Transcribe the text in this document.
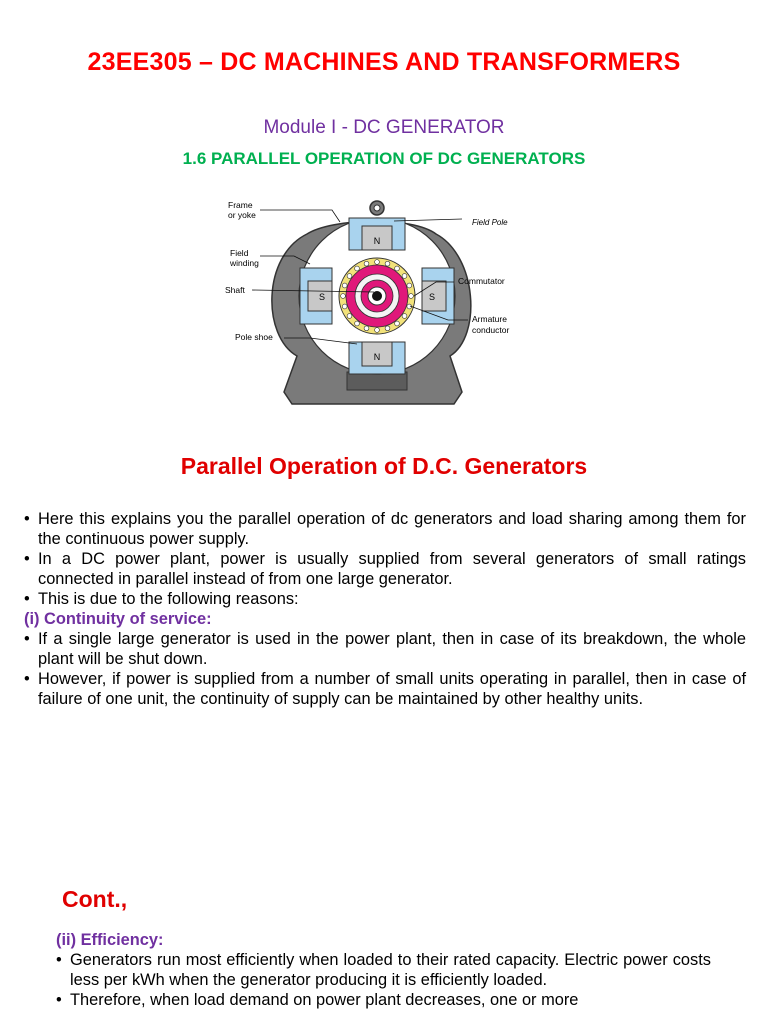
23EE305 – DC MACHINES AND TRANSFORMERS
Module I - DC GENERATOR
1.6 PARALLEL OPERATION OF DC GENERATORS
N
N
S	S
Frame
or yoke
Field
winding
Shaft
Pole shoe
Field Pole
Commutator
Armature
conductor
Parallel Operation of D.C. Generators
• Here this explains you the parallel operation of dc generators and load sharing among them for the continuous power supply.
• In a DC power plant, power is usually supplied from several generators of small ratings connected in parallel instead of from one large generator.
• This is due to the following reasons:
(i) Continuity of service:
• If a single large generator is used in the power plant, then in case of its breakdown, the whole plant will be shut down.
• However, if power is supplied from a number of small units operating in parallel, then in case of failure of one unit, the continuity of supply can be maintained by other healthy units.
Cont.,
(ii) Efficiency:
• Generators run most efficiently when loaded to their rated capacity. Electric power costs less per kWh when the generator producing it is efficiently loaded.
• Therefore, when load demand on power plant decreases, one or more
